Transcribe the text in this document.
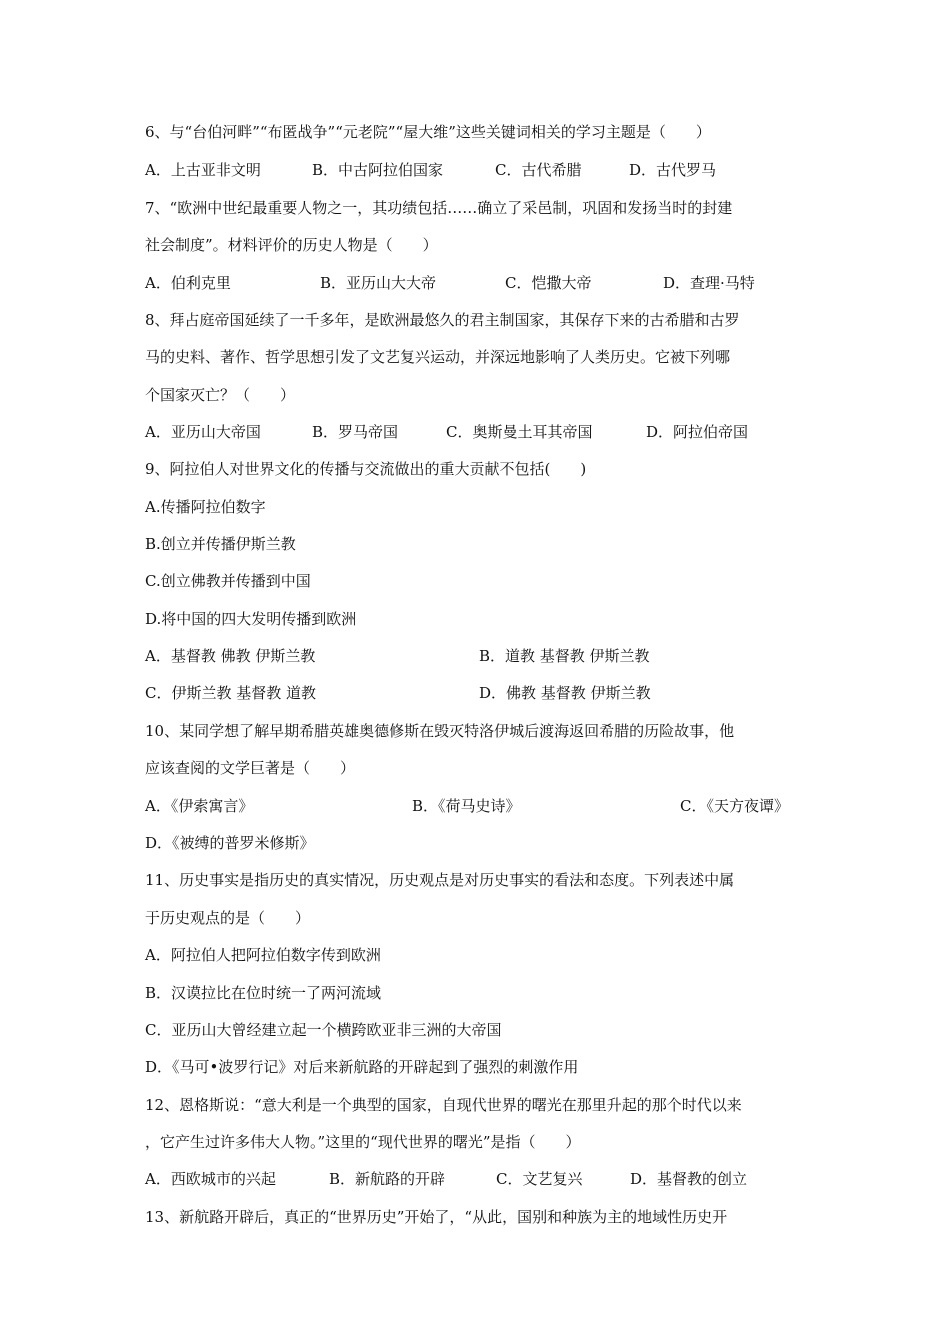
6、与“台伯河畔”“布匿战争”“元老院”“屋大维”这些关键词相关的学习主题是（　　）
A．上古亚非文明	B．中古阿拉伯国家	C．古代希腊	D．古代罗马
7、“欧洲中世纪最重要人物之一，其功绩包括……确立了采邑制，巩固和发扬当时的封建
社会制度”。材料评价的历史人物是（　　）
A．伯利克里	B．亚历山大大帝	C．恺撒大帝	D．查理·马特
8、拜占庭帝国延续了一千多年，是欧洲最悠久的君主制国家，其保存下来的古希腊和古罗
马的史料、著作、哲学思想引发了文艺复兴运动，并深远地影响了人类历史。它被下列哪
个国家灭亡？（　　）
A．亚历山大帝国	B．罗马帝国	C．奥斯曼土耳其帝国	D．阿拉伯帝国
9、阿拉伯人对世界文化的传播与交流做出的重大贡献不包括(　　)
A.传播阿拉伯数字
B.创立并传播伊斯兰教
C.创立佛教并传播到中国
D.将中国的四大发明传播到欧洲
A．基督教 佛教 伊斯兰教	B．道教 基督教 伊斯兰教
C．伊斯兰教 基督教 道教	D．佛教 基督教 伊斯兰教
10、某同学想了解早期希腊英雄奥德修斯在毁灭特洛伊城后渡海返回希腊的历险故事，他
应该查阅的文学巨著是（　　）
A．《伊索寓言》	B．《荷马史诗》	C．《天方夜谭》
D．《被缚的普罗米修斯》
11、历史事实是指历史的真实情况，历史观点是对历史事实的看法和态度。下列表述中属
于历史观点的是（　　）
A．阿拉伯人把阿拉伯数字传到欧洲
B．汉谟拉比在位时统一了两河流域
C．亚历山大曾经建立起一个横跨欧亚非三洲的大帝国
D．《马可•波罗行记》对后来新航路的开辟起到了强烈的刺激作用
12、恩格斯说：“意大利是一个典型的国家，自现代世界的曙光在那里升起的那个时代以来
，它产生过许多伟大人物。”这里的“现代世界的曙光”是指（　　）
A．西欧城市的兴起	B．新航路的开辟	C．文艺复兴	D．基督教的创立
13、新航路开辟后，真正的“世界历史”开始了，“从此，国别和种族为主的地域性历史开
